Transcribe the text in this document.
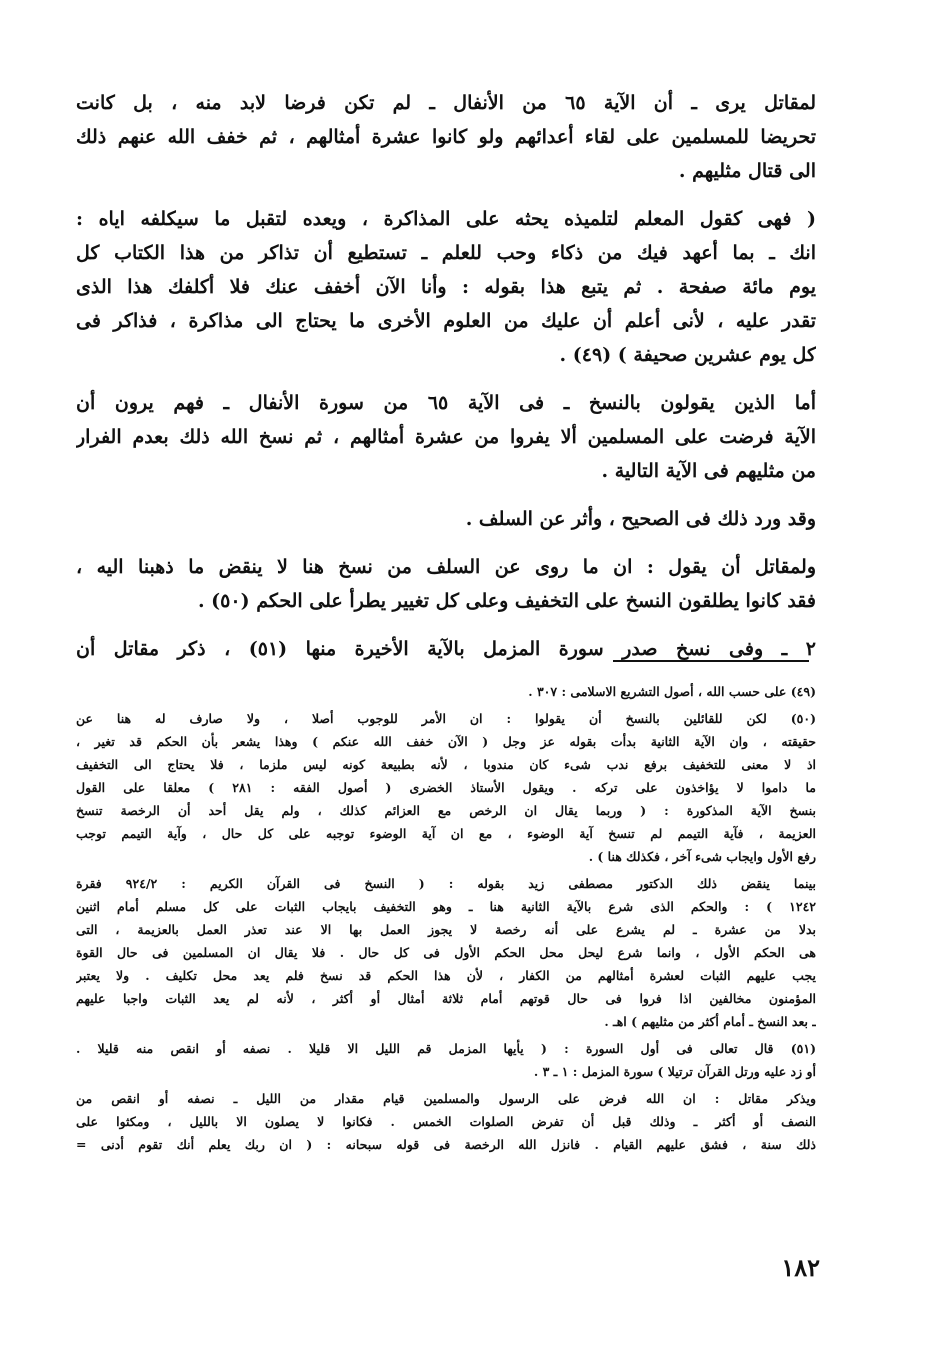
لمقاتل يرى ـ أن الآية ٦٥ من الأنفال ـ لم تكن فرضا لابد منه ، بل كانت
تحريضا للمسلمين على لقاء أعدائهم ولو كانوا عشرة أمثالهم ، ثم خفف الله عنهم ذلك
الى قتال مثليهم .
( فهى كقول المعلم لتلميذه يحثه على المذاكرة ، ويعده لتقبل ما سيكلفه اياه :
انك ـ بما أعهد فيك من ذكاء وحب للعلم ـ تستطيع أن تذاكر من هذا الكتاب كل
يوم مائة صفحة . ثم يتبع هذا بقوله : وأنا الآن أخفف عنك فلا أكلفك هذا الذى
تقدر عليه ، لأنى أعلم أن عليك من العلوم الأخرى ما يحتاج الى مذاكرة ، فذاكر فى
كل يوم عشرين صحيفة ) (٤٩) .
أما الذين يقولون بالنسخ ـ فى الآية ٦٥ من سورة الأنفال ـ فهم يرون أن
الآية فرضت على المسلمين ألا يفروا من عشرة أمثالهم ، ثم نسخ الله ذلك بعدم الفرار
من مثليهم فى الآية التالية .
وقد ورد ذلك فى الصحيح ، وأثر عن السلف .
ولمقاتل أن يقول : ان ما روى عن السلف من نسخ هنا لا ينقض ما ذهبنا اليه ،
فقد كانوا يطلقون النسخ على التخفيف وعلى كل تغيير يطرأ على الحكم (٥٠) .
٢ ـ وفى نسخ صدر سورة المزمل بالآية الأخيرة منها (٥١) ، ذكر مقاتل أن
(٤٩) على حسب الله ، أصول التشريع الاسلامى : ٣٠٧ .
(٥٠) لكن للقائلين بالنسخ أن يقولوا : ان الأمر للوجوب أصلا ، ولا صارف له هنا عن
حقيقته ، وان الآية الثانية بدأت بقوله عز وجل ( الآن خفف الله عنكم ) وهذا يشعر بأن الحكم قد تغير ،
اذ لا معنى للتخفيف برفع ندب شىء كان مندوبا ، لأنه بطبيعة كونه ليس ملزما ، فلا يحتاج الى التخفيف
ما داموا لا يؤاخذون على تركه . ويقول الأستاذ الخضرى ( أصول الفقه : ٢٨١ ) معلقا على القول
بنسخ الآية المذكورة : ( وربما يقال ان الرخص مع العزائم كذلك ، ولم يقل أحد أن الرخصة تنسخ
العزيمة ، فآية التيمم لم تنسخ آية الوضوء ، مع ان آية الوضوء توجبه على كل حال ، وآية التيمم توجب
رفع الأول وايجاب شىء آخر ، فكذلك هنا ) .
بينما ينقض ذلك الدكتور مصطفى زيد بقوله : ( النسخ فى القرآن الكريم : ٩٢٤/٢ فقرة
١٢٤٢ ) : والحكم الذى شرع بالآية الثانية هنا ـ وهو التخفيف بايجاب الثبات على كل مسلم أمام اثنين
بدلا من عشرة ـ لم يشرع على أنه رخصة لا يجوز العمل بها الا عند تعذر العمل بالعزيمة ، التى
هى الحكم الأول ، وانما شرع ليحل محل الحكم الأول فى كل حال . فلا يقال ان المسلمين فى حال القوة
يجب عليهم الثبات لعشرة أمثالهم من الكفار ، لأن هذا الحكم قد نسخ فلم يعد محل تكليف . ولا يعتبر
المؤمنون مخالفين اذا فروا فى حال قوتهم أمام ثلاثة أمثال أو أكثر ، لأنه لم يعد الثبات واجبا عليهم
ـ بعد النسخ ـ أمام أكثر من مثليهم ) اهـ .
(٥١) قال تعالى فى أول السورة : ( يأيها المزمل قم الليل الا قليلا . نصفه أو انقص منه قليلا .
أو زد عليه ورتل القرآن ترتيلا ) سورة المزمل : ١ ـ ٣ .
ويذكر مقاتل : ان الله فرض على الرسول والمسلمين قيام مقدار من الليل ـ نصفه أو انقص من
النصف أو أكثر ـ وذلك قبل أن تفرض الصلوات الخمس . فكانوا لا يصلون الا بالليل ، ومكثوا على
ذلك سنة ، فشق عليهم القيام . فانزل الله الرخصة فى قوله سبحانه : ( ان ربك يعلم أنك تقوم أدنى =
١٨٢
